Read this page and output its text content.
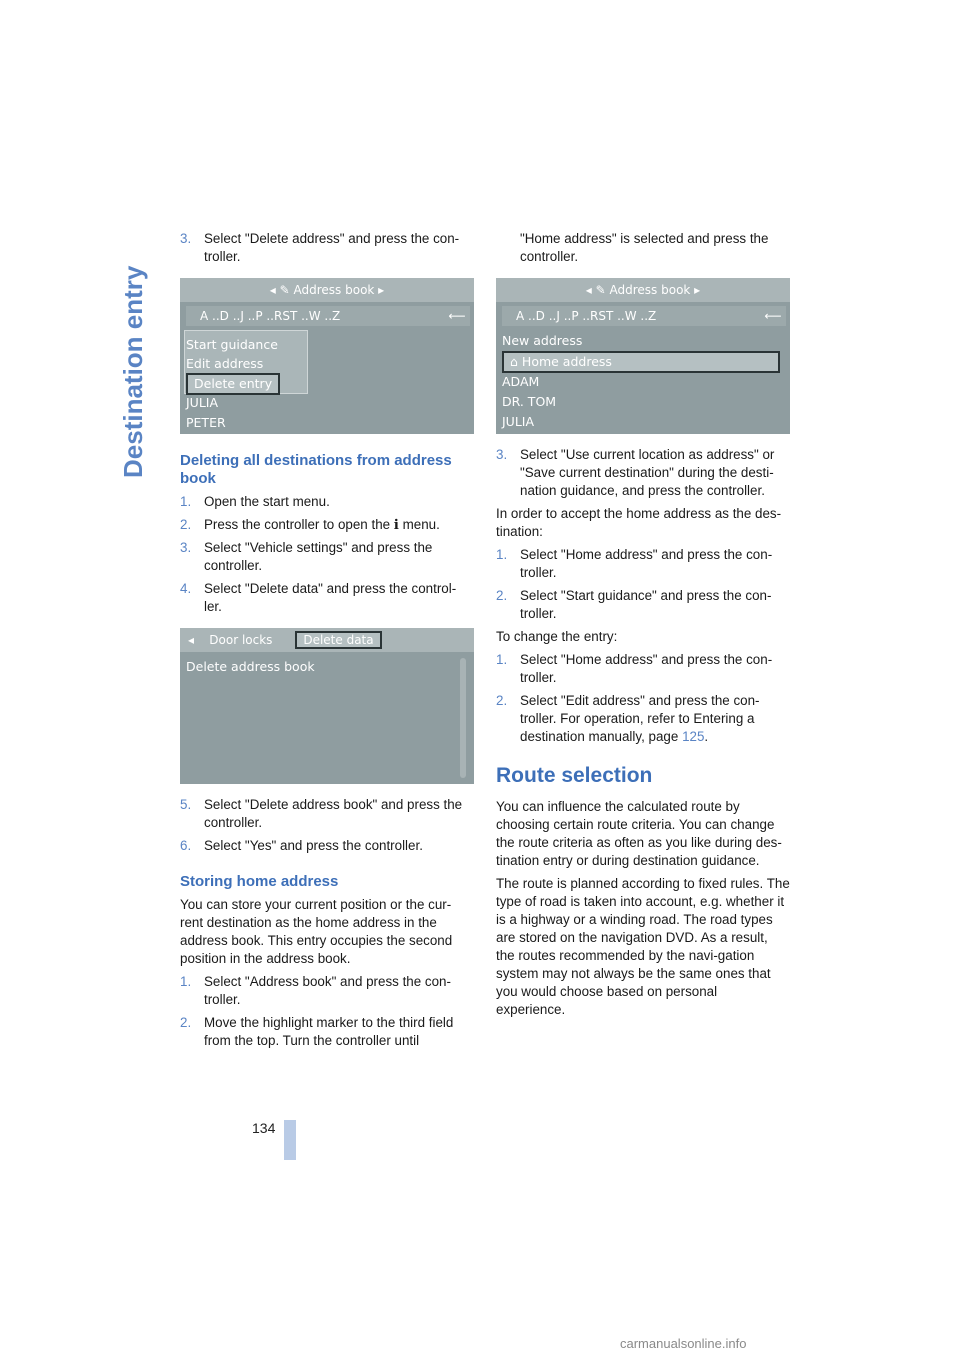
Destination entry
3. Select "Delete address" and press the con-troller.
◂ ✎ Address book ▸
A ..D ..J ..P ..RST ..W ..Z	⟵
Start guidance
Edit address
Delete entry
JULIA
PETER
Deleting all destinations from address book
1. Open the start menu.
2. Press the controller to open the ℹ menu.
3. Select "Vehicle settings" and press the controller.
4. Select "Delete data" and press the control-ler.
◂    Door locks	Delete data
Delete address book
5. Select "Delete address book" and press the controller.
6. Select "Yes" and press the controller.
Storing home address

You can store your current position or the cur-rent destination as the home address in the address book. This entry occupies the second position in the address book.

1. Select "Address book" and press the con-troller.
2. Move the highlight marker to the third field from the top. Turn the controller until
"Home address" is selected and press the controller.
◂ ✎ Address book ▸
A ..D ..J ..P ..RST ..W ..Z	⟵
New address
⌂ Home address
ADAM
DR. TOM
JULIA
3. Select "Use current location as address" or "Save current destination" during the desti-nation guidance, and press the controller.

In order to accept the home address as the des-tination:

1. Select "Home address" and press the con-troller.
2. Select "Start guidance" and press the con-troller.

To change the entry:

1. Select "Home address" and press the con-troller.
2. Select "Edit address" and press the con-troller. For operation, refer to Entering a destination manually, page 125.
Route selection

You can influence the calculated route by choosing certain route criteria. You can change the route criteria as often as you like during des-tination entry or during destination guidance.

The route is planned according to fixed rules. The type of road is taken into account, e.g. whether it is a highway or a winding road. The road types are stored on the navigation DVD. As a result, the routes recommended by the navi-gation system may not always be the same ones that you would choose based on personal experience.

134
carmanualsonline.info
